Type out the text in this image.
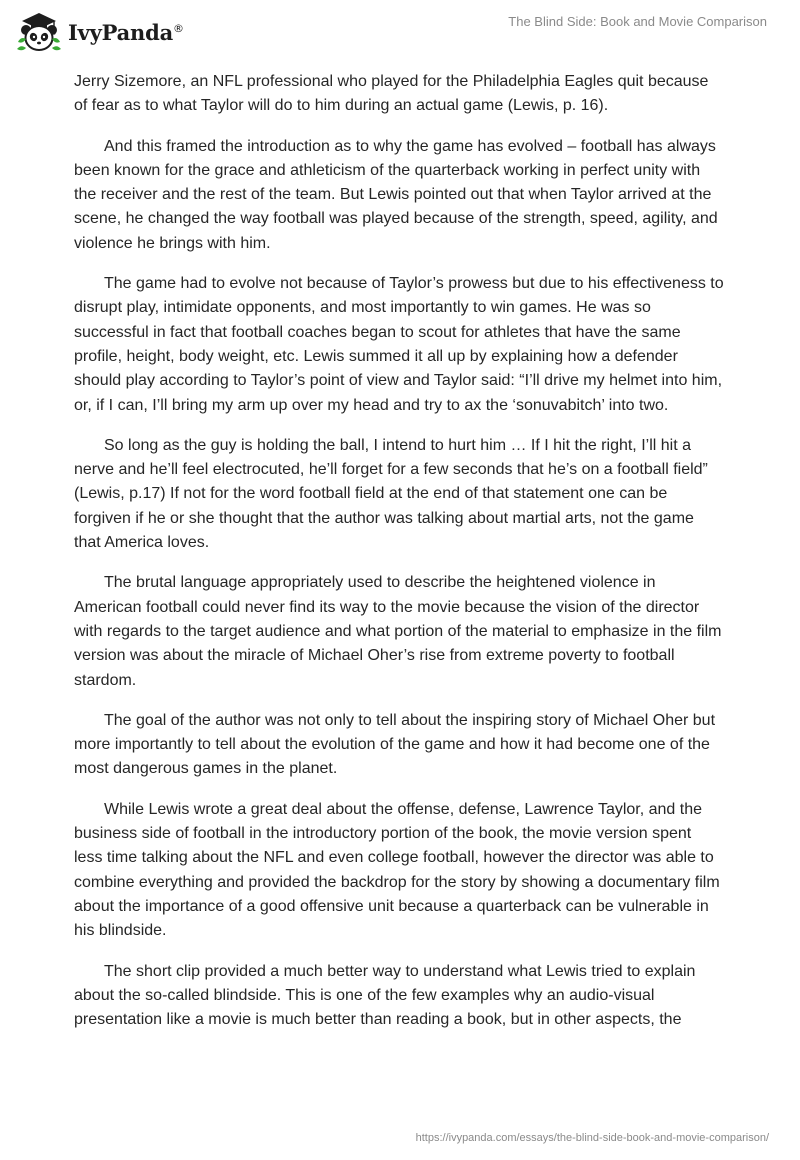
IvyPanda®	The Blind Side: Book and Movie Comparison

Jerry Sizemore, an NFL professional who played for the Philadelphia Eagles quit because of fear as to what Taylor will do to him during an actual game (Lewis, p. 16).

And this framed the introduction as to why the game has evolved – football has always been known for the grace and athleticism of the quarterback working in perfect unity with the receiver and the rest of the team. But Lewis pointed out that when Taylor arrived at the scene, he changed the way football was played because of the strength, speed, agility, and violence he brings with him.

The game had to evolve not because of Taylor’s prowess but due to his effectiveness to disrupt play, intimidate opponents, and most importantly to win games. He was so successful in fact that football coaches began to scout for athletes that have the same profile, height, body weight, etc. Lewis summed it all up by explaining how a defender should play according to Taylor’s point of view and Taylor said: “I’ll drive my helmet into him, or, if I can, I’ll bring my arm up over my head and try to ax the ‘sonuvabitch’ into two.

So long as the guy is holding the ball, I intend to hurt him … If I hit the right, I’ll hit a nerve and he’ll feel electrocuted, he’ll forget for a few seconds that he’s on a football field” (Lewis, p.17) If not for the word football field at the end of that statement one can be forgiven if he or she thought that the author was talking about martial arts, not the game that America loves.

The brutal language appropriately used to describe the heightened violence in American football could never find its way to the movie because the vision of the director with regards to the target audience and what portion of the material to emphasize in the film version was about the miracle of Michael Oher’s rise from extreme poverty to football stardom.

The goal of the author was not only to tell about the inspiring story of Michael Oher but more importantly to tell about the evolution of the game and how it had become one of the most dangerous games in the planet.

While Lewis wrote a great deal about the offense, defense, Lawrence Taylor, and the business side of football in the introductory portion of the book, the movie version spent less time talking about the NFL and even college football, however the director was able to combine everything and provided the backdrop for the story by showing a documentary film about the importance of a good offensive unit because a quarterback can be vulnerable in his blindside.

The short clip provided a much better way to understand what Lewis tried to explain about the so-called blindside. This is one of the few examples why an audio-visual presentation like a movie is much better than reading a book, but in other aspects, the

https://ivypanda.com/essays/the-blind-side-book-and-movie-comparison/
